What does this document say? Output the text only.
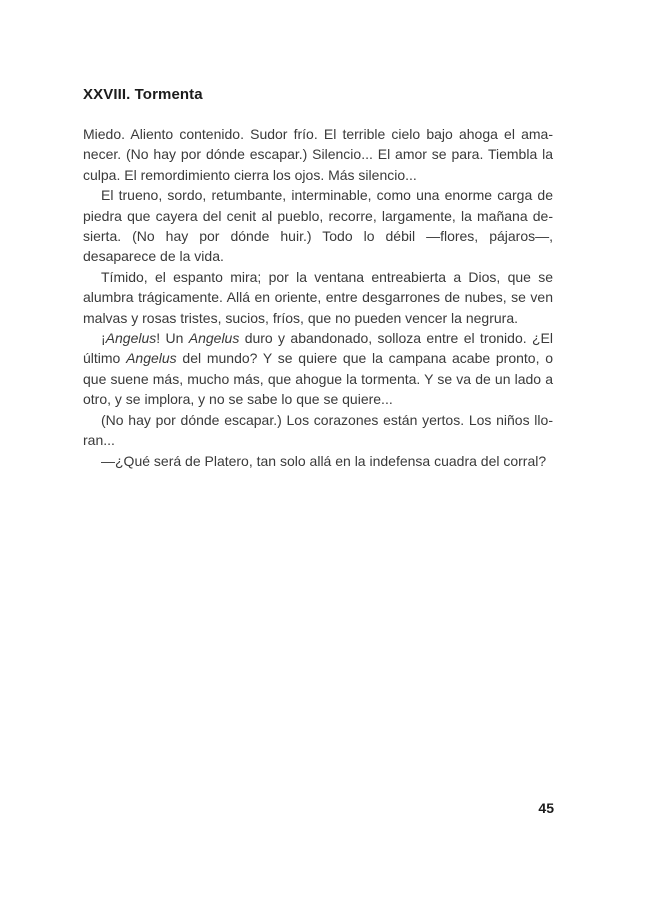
XXVIII. Tormenta

Miedo. Aliento contenido. Sudor frío. El terrible cielo bajo ahoga el amanecer. (No hay por dónde escapar.) Silencio... El amor se para. Tiembla la culpa. El remordimiento cierra los ojos. Más silencio...

El trueno, sordo, retumbante, interminable, como una enorme carga de piedra que cayera del cenit al pueblo, recorre, largamente, la mañana desierta. (No hay por dónde huir.) Todo lo débil —flores, pájaros—, desaparece de la vida.

Tímido, el espanto mira; por la ventana entreabierta a Dios, que se alumbra trágicamente. Allá en oriente, entre desgarrones de nubes, se ven malvas y rosas tristes, sucios, fríos, que no pueden vencer la negrura.

¡Angelus! Un Angelus duro y abandonado, solloza entre el tronido. ¿El último Angelus del mundo? Y se quiere que la campana acabe pronto, o que suene más, mucho más, que ahogue la tormenta. Y se va de un lado a otro, y se implora, y no se sabe lo que se quiere...

(No hay por dónde escapar.) Los corazones están yertos. Los niños lloran...

—¿Qué será de Platero, tan solo allá en la indefensa cuadra del corral?

45
